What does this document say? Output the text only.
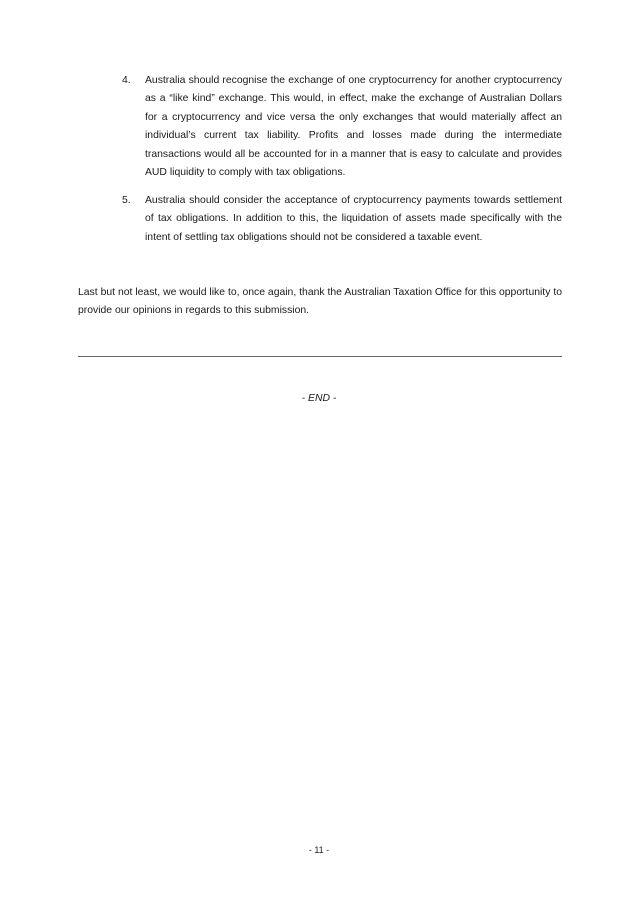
4.	Australia should recognise the exchange of one cryptocurrency for another cryptocurrency as a “like kind” exchange. This would, in effect, make the exchange of Australian Dollars for a cryptocurrency and vice versa the only exchanges that would materially affect an individual’s current tax liability. Profits and losses made during the intermediate transactions would all be accounted for in a manner that is easy to calculate and provides AUD liquidity to comply with tax obligations.
5.	Australia should consider the acceptance of cryptocurrency payments towards settlement of tax obligations. In addition to this, the liquidation of assets made specifically with the intent of settling tax obligations should not be considered a taxable event.

Last but not least, we would like to, once again, thank the Australian Taxation Office for this opportunity to provide our opinions in regards to this submission.

- END -
- 11 -
